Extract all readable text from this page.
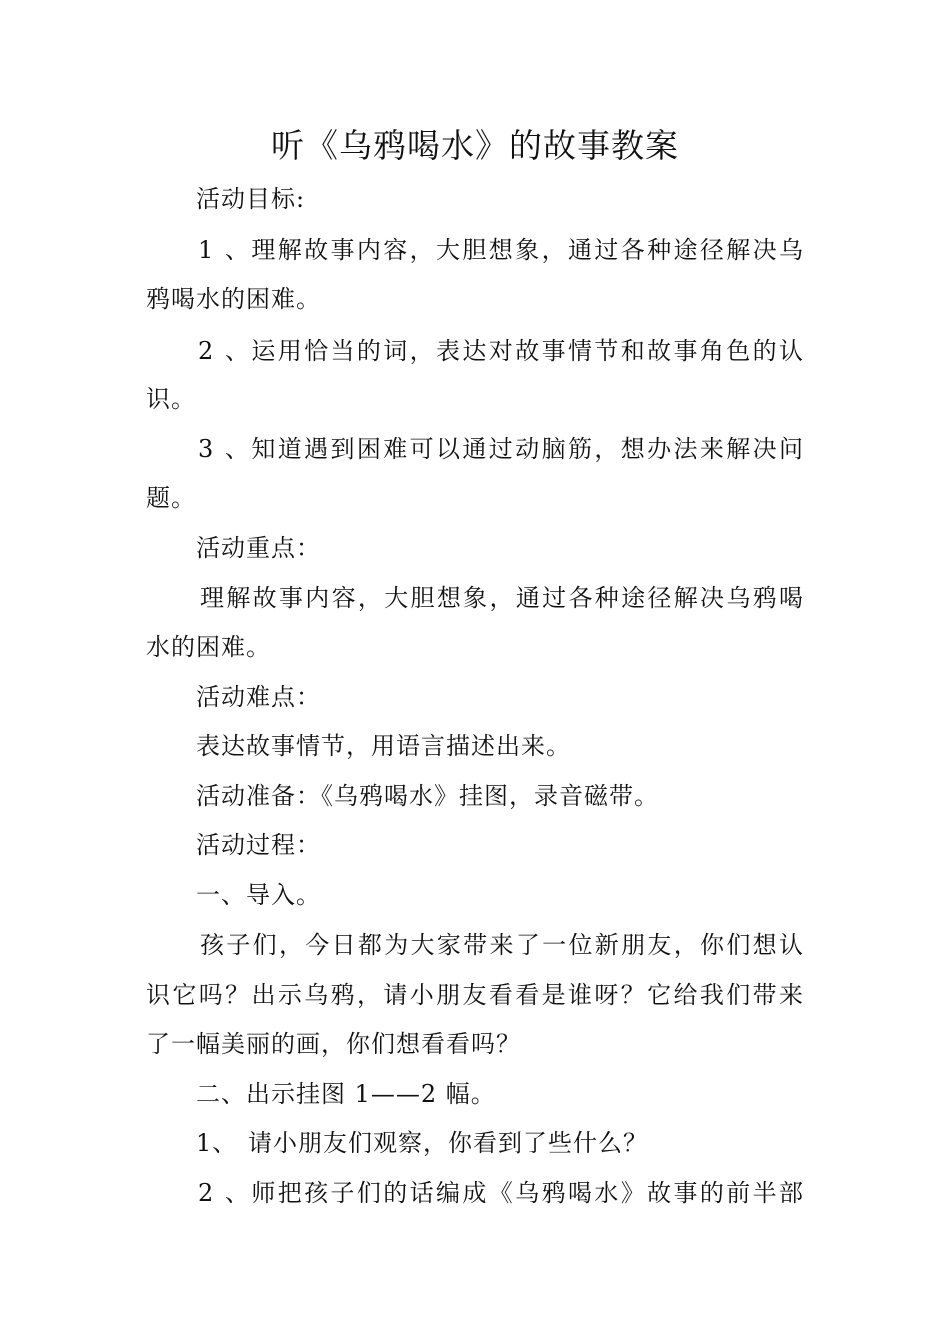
听《乌鸦喝水》的故事教案
活动目标:
1、理解故事内容，大胆想象，通过各种途径解决乌
鸦喝水的困难。
2、运用恰当的词，表达对故事情节和故事角色的认
识。
3、知道遇到困难可以通过动脑筋，想办法来解决问
题。
活动重点：
理解故事内容，大胆想象，通过各种途径解决乌鸦喝
水的困难。
活动难点：
表达故事情节，用语言描述出来。
活动准备：《乌鸦喝水》挂图，录音磁带。
活动过程：
一、导入。
孩子们，今日都为大家带来了一位新朋友，你们想认
识它吗？出示乌鸦，请小朋友看看是谁呀？它给我们带来
了一幅美丽的画，你们想看看吗？
二、出示挂图 1——2 幅。
1、 请小朋友们观察，你看到了些什么？
2、师把孩子们的话编成《乌鸦喝水》故事的前半部
